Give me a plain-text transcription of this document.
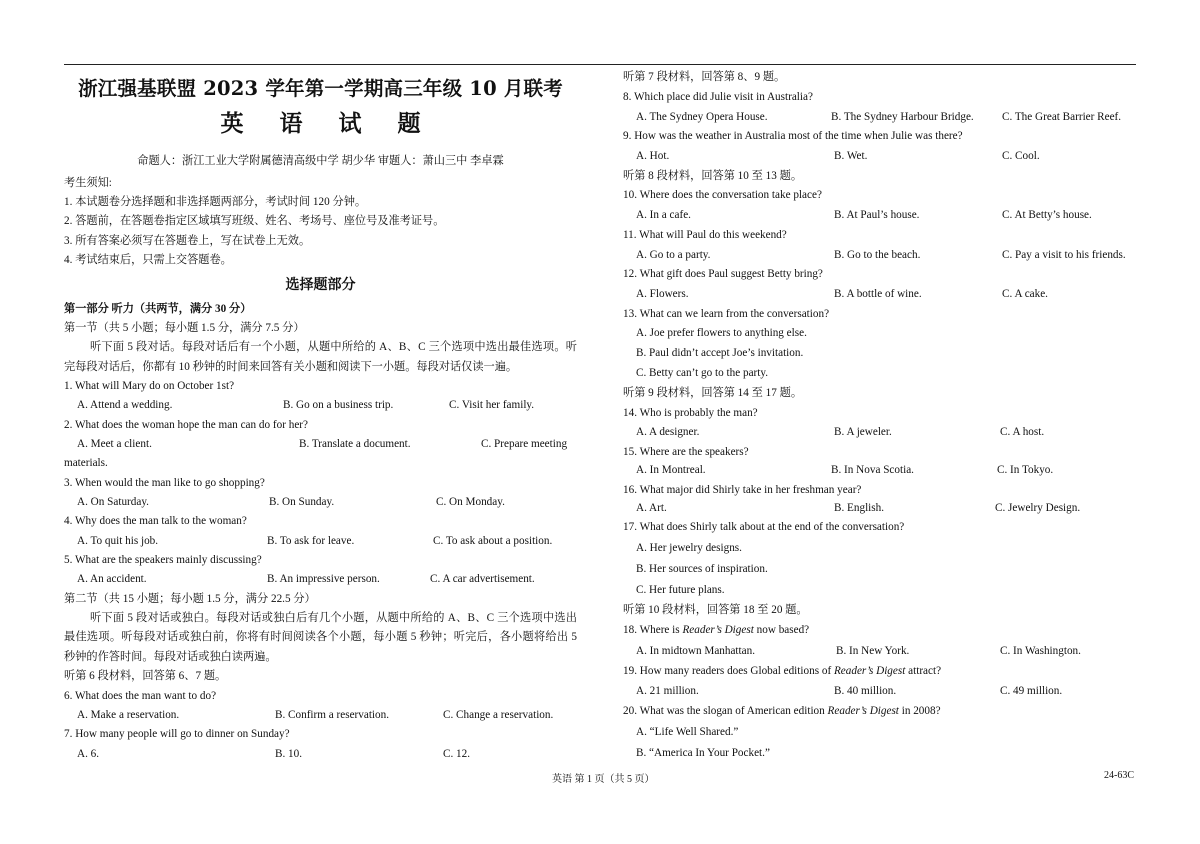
浙江强基联盟 2023 学年第一学期高三年级 10 月联考
英 语 试 题
命题人：浙江工业大学附属德清高级中学 胡少华 审题人：萧山三中 李卓霖
考生须知:
1. 本试题卷分选择题和非选择题两部分，考试时间 120 分钟。
2. 答题前，在答题卷指定区域填写班级、姓名、考场号、座位号及准考证号。
3. 所有答案必须写在答题卷上，写在试卷上无效。
4. 考试结束后，只需上交答题卷。
选择题部分
第一部分 听力（共两节，满分 30 分）
第一节（共 5 小题；每小题 1.5 分，满分 7.5 分）
听下面 5 段对话。每段对话后有一个小题，从题中所给的 A、B、C 三个选项中选出最佳选项。听完每段对话后，你都有 10 秒钟的时间来回答有关小题和阅读下一小题。每段对话仅读一遍。
1. What will Mary do on October 1st?
A. Attend a wedding.	B. Go on a business trip.	C. Visit her family.
2. What does the woman hope the man can do for her?
A. Meet a client.	B. Translate a document.	C. Prepare meeting
materials.
3. When would the man like to go shopping?
A. On Saturday.	B. On Sunday.	C. On Monday.
4. Why does the man talk to the woman?
A. To quit his job.	B. To ask for leave.	C. To ask about a position.
5. What are the speakers mainly discussing?
A. An accident.	B. An impressive person.	C. A car advertisement.
第二节（共 15 小题；每小题 1.5 分，满分 22.5 分）
听下面 5 段对话或独白。每段对话或独白后有几个小题，从题中所给的 A、B、C 三个选项中选出最佳选项。听每段对话或独白前，你将有时间阅读各个小题，每小题 5 秒钟；听完后，各小题将给出 5 秒钟的作答时间。每段对话或独白读两遍。
听第 6 段材料，回答第 6、7 题。
6. What does the man want to do?
A. Make a reservation.	B. Confirm a reservation.	C. Change a reservation.
7. How many people will go to dinner on Sunday?
A. 6.	B. 10.	C. 12.
听第 7 段材料，回答第 8、9 题。
8. Which place did Julie visit in Australia?
A. The Sydney Opera House.	B. The Sydney Harbour Bridge.	C. The Great Barrier Reef.
9. How was the weather in Australia most of the time when Julie was there?
A. Hot.	B. Wet.	C. Cool.
听第 8 段材料，回答第 10 至 13 题。
10. Where does the conversation take place?
A. In a cafe.	B. At Paul’s house.	C. At Betty’s house.
11. What will Paul do this weekend?
A. Go to a party.	B. Go to the beach.	C. Pay a visit to his friends.
12. What gift does Paul suggest Betty bring?
A. Flowers.	B. A bottle of wine.	C. A cake.
13. What can we learn from the conversation?
A. Joe prefer flowers to anything else.
B. Paul didn’t accept Joe’s invitation.
C. Betty can’t go to the party.
听第 9 段材料，回答第 14 至 17 题。
14. Who is probably the man?
A. A designer.	B. A jeweler.	C. A host.
15. Where are the speakers?
A. In Montreal.	B. In Nova Scotia.	C. In Tokyo.
16. What major did Shirly take in her freshman year?
A. Art.	B. English.	C. Jewelry Design.
17. What does Shirly talk about at the end of the conversation?
A. Her jewelry designs.
B. Her sources of inspiration.
C. Her future plans.
听第 10 段材料，回答第 18 至 20 题。
18. Where is Reader’s Digest now based?
A. In midtown Manhattan.	B. In New York.	C. In Washington.
19. How many readers does Global editions of Reader’s Digest attract?
A. 21 million.	B. 40 million.	C. 49 million.
20. What was the slogan of American edition Reader’s Digest in 2008?
A. “Life Well Shared.”
B. “America In Your Pocket.”
英语 第 1 页（共 5 页）	24-63C
